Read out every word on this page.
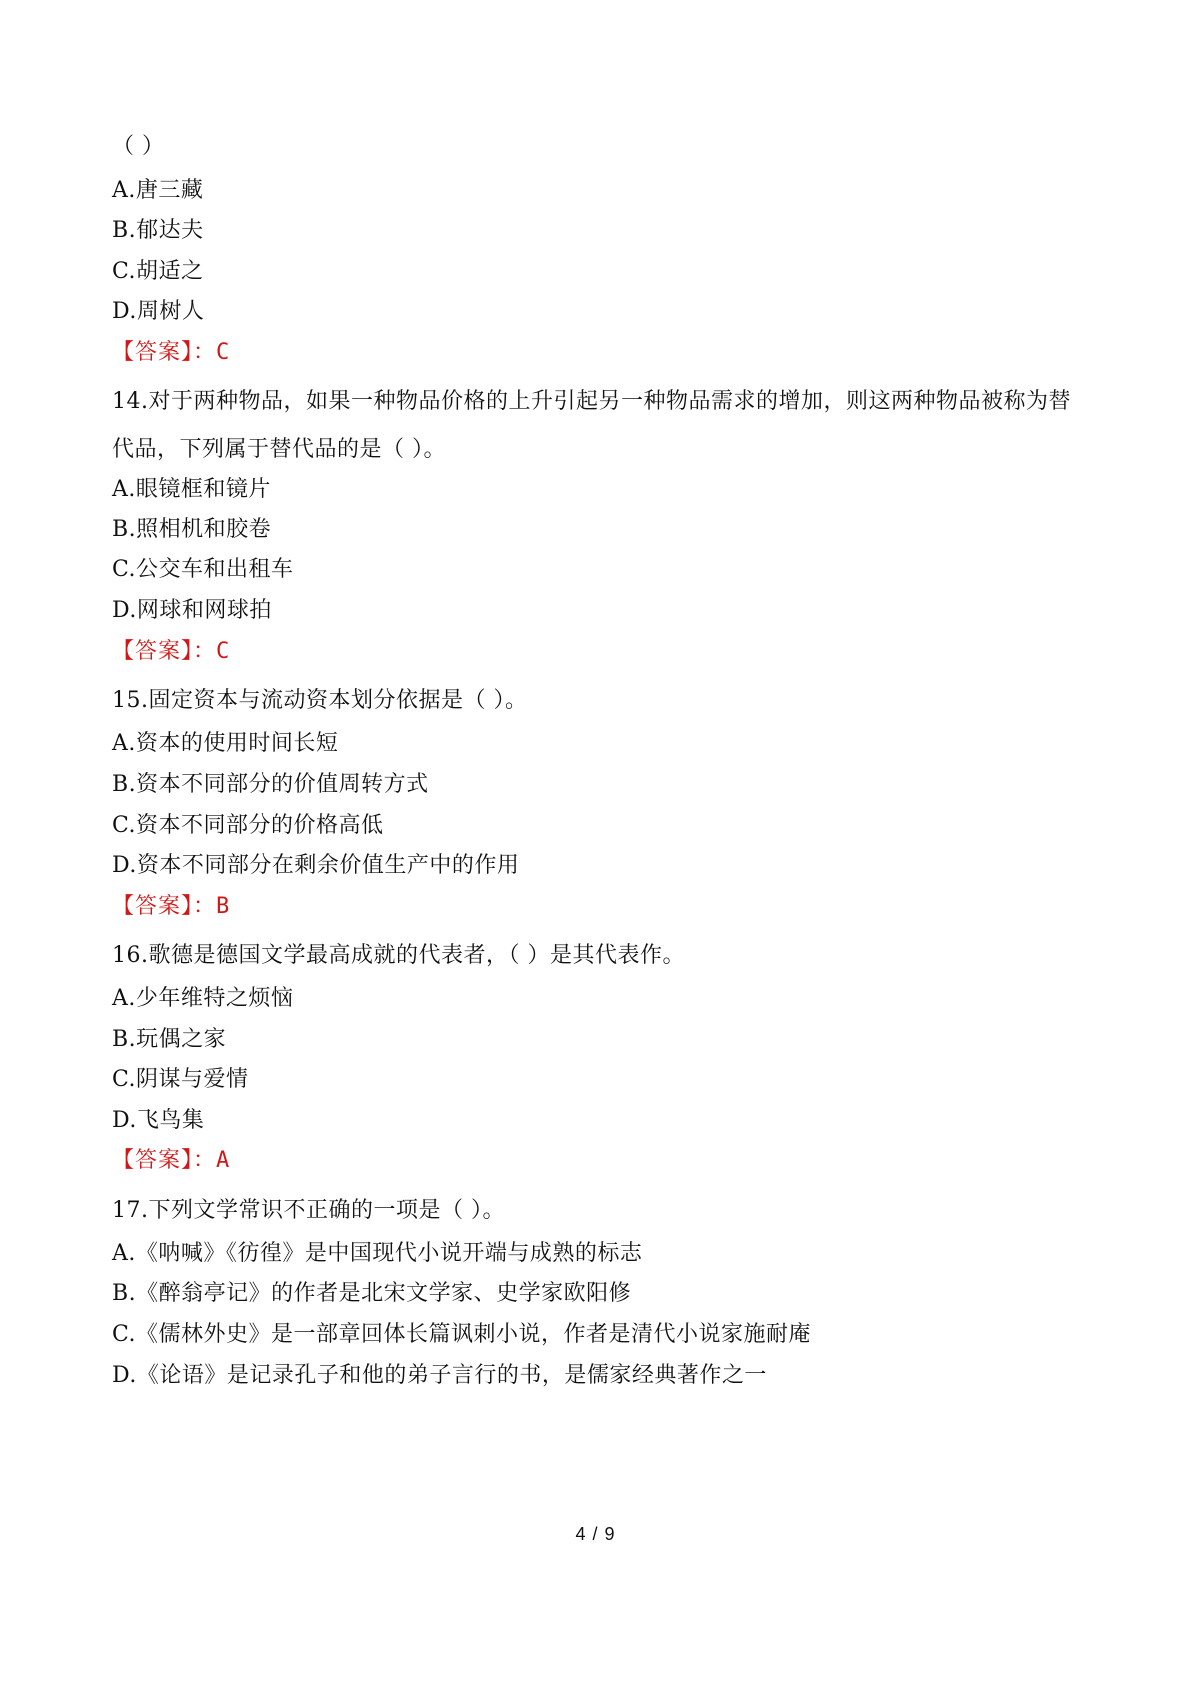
（ ）
A.唐三藏
B.郁达夫
C.胡适之
D.周树人
【答案】：C
14.对于两种物品，如果一种物品价格的上升引起另一种物品需求的增加，则这两种物品被称为替代品，下列属于替代品的是（ ）。
A.眼镜框和镜片
B.照相机和胶卷
C.公交车和出租车
D.网球和网球拍
【答案】：C
15.固定资本与流动资本划分依据是（ ）。
A.资本的使用时间长短
B.资本不同部分的价值周转方式
C.资本不同部分的价格高低
D.资本不同部分在剩余价值生产中的作用
【答案】：B
16.歌德是德国文学最高成就的代表者，（ ）是其代表作。
A.少年维特之烦恼
B.玩偶之家
C.阴谋与爱情
D.飞鸟集
【答案】：A
17.下列文学常识不正确的一项是（ ）。
A.《呐喊》《彷徨》是中国现代小说开端与成熟的标志
B.《醉翁亭记》的作者是北宋文学家、史学家欧阳修
C.《儒林外史》是一部章回体长篇讽刺小说，作者是清代小说家施耐庵
D.《论语》是记录孔子和他的弟子言行的书，是儒家经典著作之一
4 / 9
